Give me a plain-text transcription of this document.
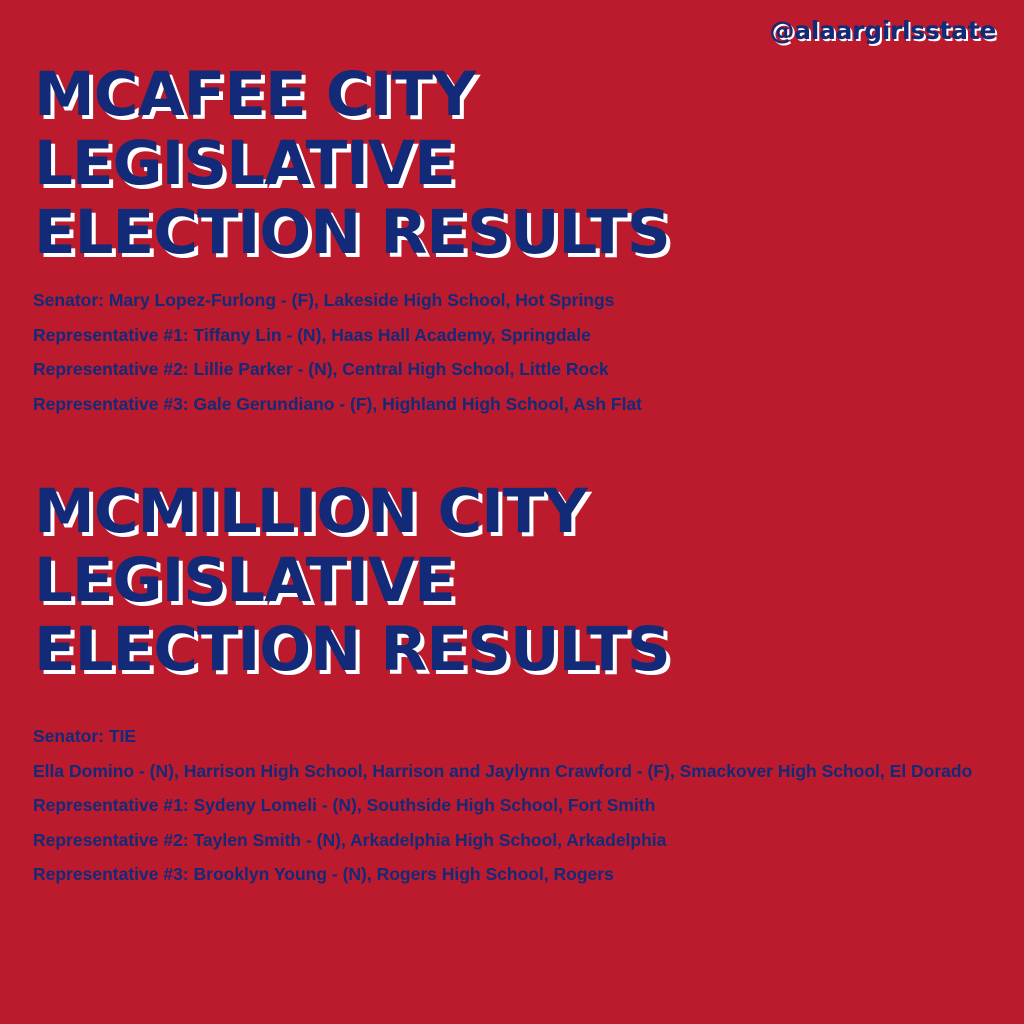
@alaargirlsstate
MCAFEE CITY
LEGISLATIVE
ELECTION RESULTS
Senator: Mary Lopez-Furlong - (F), Lakeside High School, Hot Springs
Representative #1: Tiffany Lin - (N), Haas Hall Academy, Springdale
Representative #2: Lillie Parker - (N), Central High School, Little Rock
Representative #3: Gale Gerundiano - (F), Highland High School, Ash Flat
MCMILLION CITY
LEGISLATIVE
ELECTION RESULTS
Senator: TIE
Ella Domino - (N), Harrison High School, Harrison and Jaylynn Crawford - (F), Smackover High School, El Dorado
Representative #1: Sydeny Lomeli - (N), Southside High School, Fort Smith
Representative #2: Taylen Smith - (N), Arkadelphia High School, Arkadelphia
Representative #3: Brooklyn Young - (N), Rogers High School, Rogers
